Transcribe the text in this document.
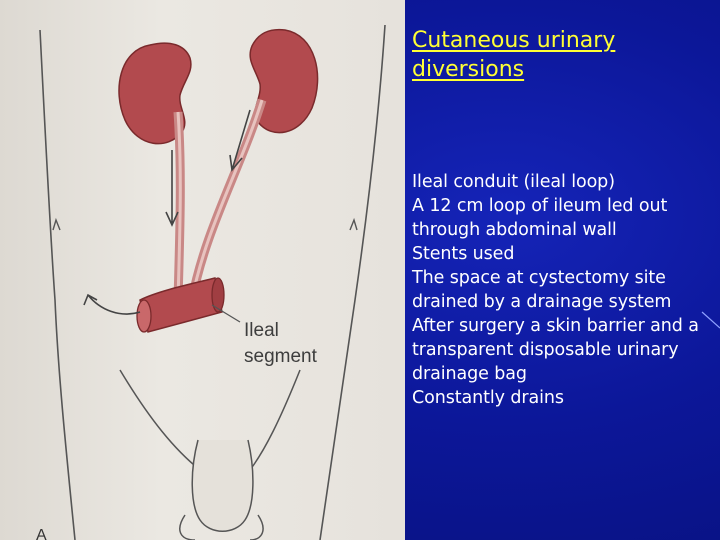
Ileal
segment
A
Cutaneous urinary diversions
Ileal conduit (ileal loop)
A 12 cm loop of ileum led out through abdominal wall
Stents used
The space at cystectomy site drained by a drainage system
After surgery a skin barrier and a transparent disposable urinary drainage bag
Constantly drains
